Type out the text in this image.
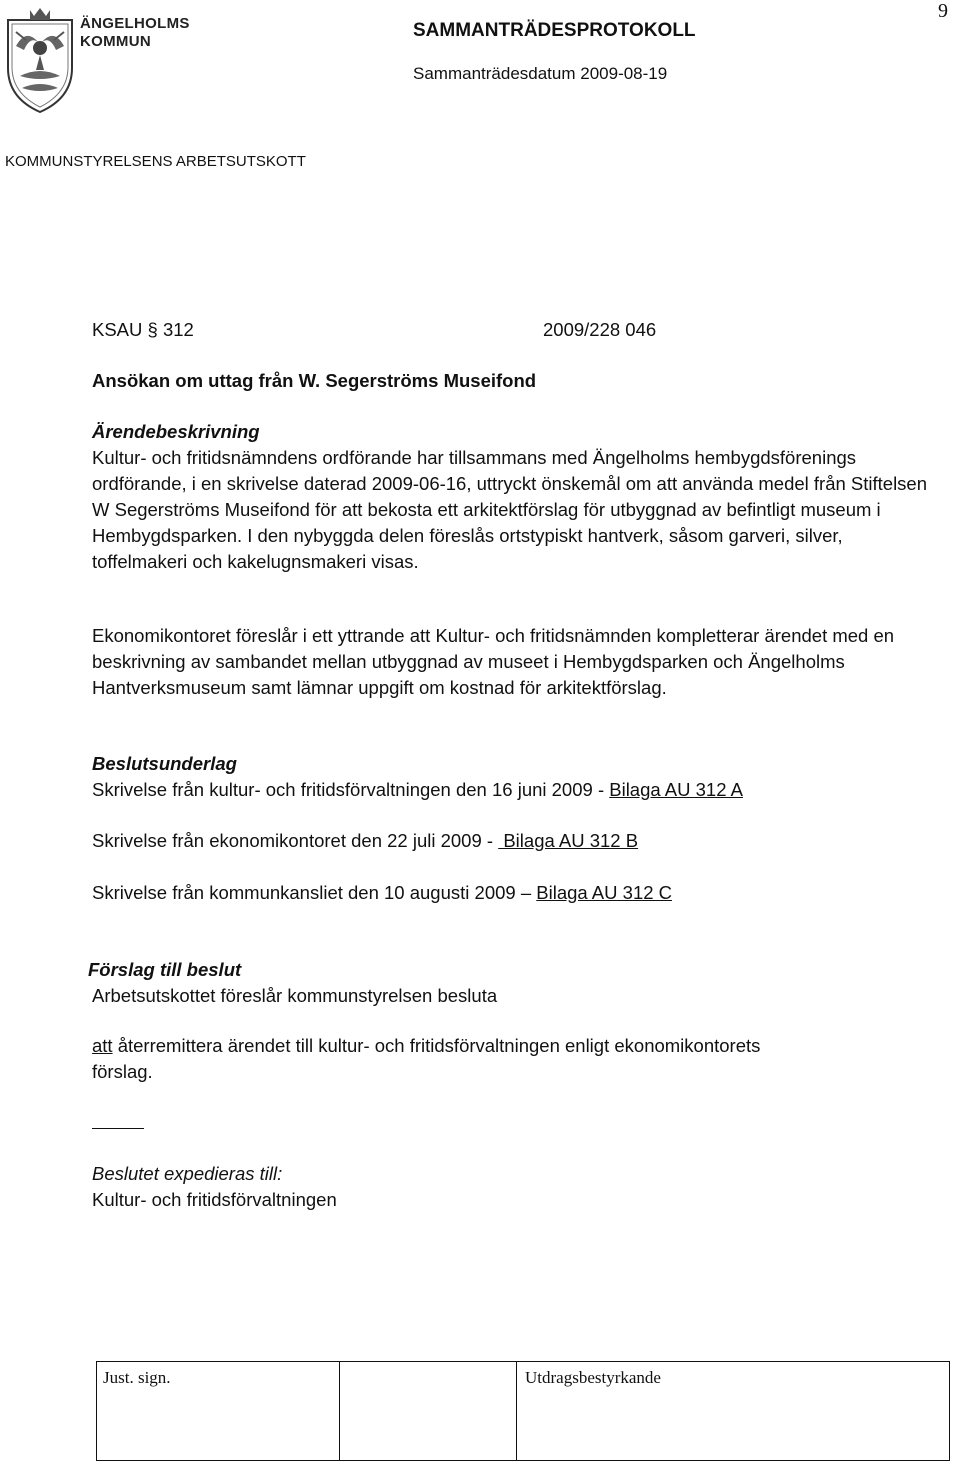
9
ÄNGELHOLMS
KOMMUN
SAMMANTRÄDESPROTOKOLL
Sammanträdesdatum 2009-08-19
KOMMUNSTYRELSENS ARBETSUTSKOTT
KSAU § 312	2009/228 046
Ansökan om uttag från W. Segerströms Museifond

Ärendebeskrivning

Kultur- och fritidsnämndens ordförande har tillsammans med Ängelholms hembygdsförenings ordförande, i en skrivelse daterad 2009-06-16, uttryckt önskemål om att använda medel från Stiftelsen W Segerströms Museifond för att bekosta ett arkitektförslag för utbyggnad av befintligt museum i Hembygdsparken. I den nybyggda delen föreslås ortstypiskt hantverk, såsom garveri, silver, toffelmakeri och kakelugnsmakeri visas.

Ekonomikontoret föreslår i ett yttrande att Kultur- och fritidsnämnden kompletterar ärendet med en beskrivning av sambandet mellan utbyggnad av museet i Hembygdsparken och Ängelholms Hantverksmuseum samt lämnar uppgift om kostnad för arkitektförslag.
Beslutsunderlag
Skrivelse från kultur- och fritidsförvaltningen den 16 juni 2009 - Bilaga AU 312 A
Skrivelse från ekonomikontoret den 22 juli 2009 -  Bilaga AU 312 B
Skrivelse från kommunkansliet den 10 augusti 2009 – Bilaga AU 312 C
Förslag till beslut
Arbetsutskottet föreslår kommunstyrelsen besluta
att återremittera ärendet till kultur- och fritidsförvaltningen enligt ekonomikontorets förslag.
Beslutet expedieras till:
Kultur- och fritidsförvaltningen
Just. sign.	Utdragsbestyrkande
